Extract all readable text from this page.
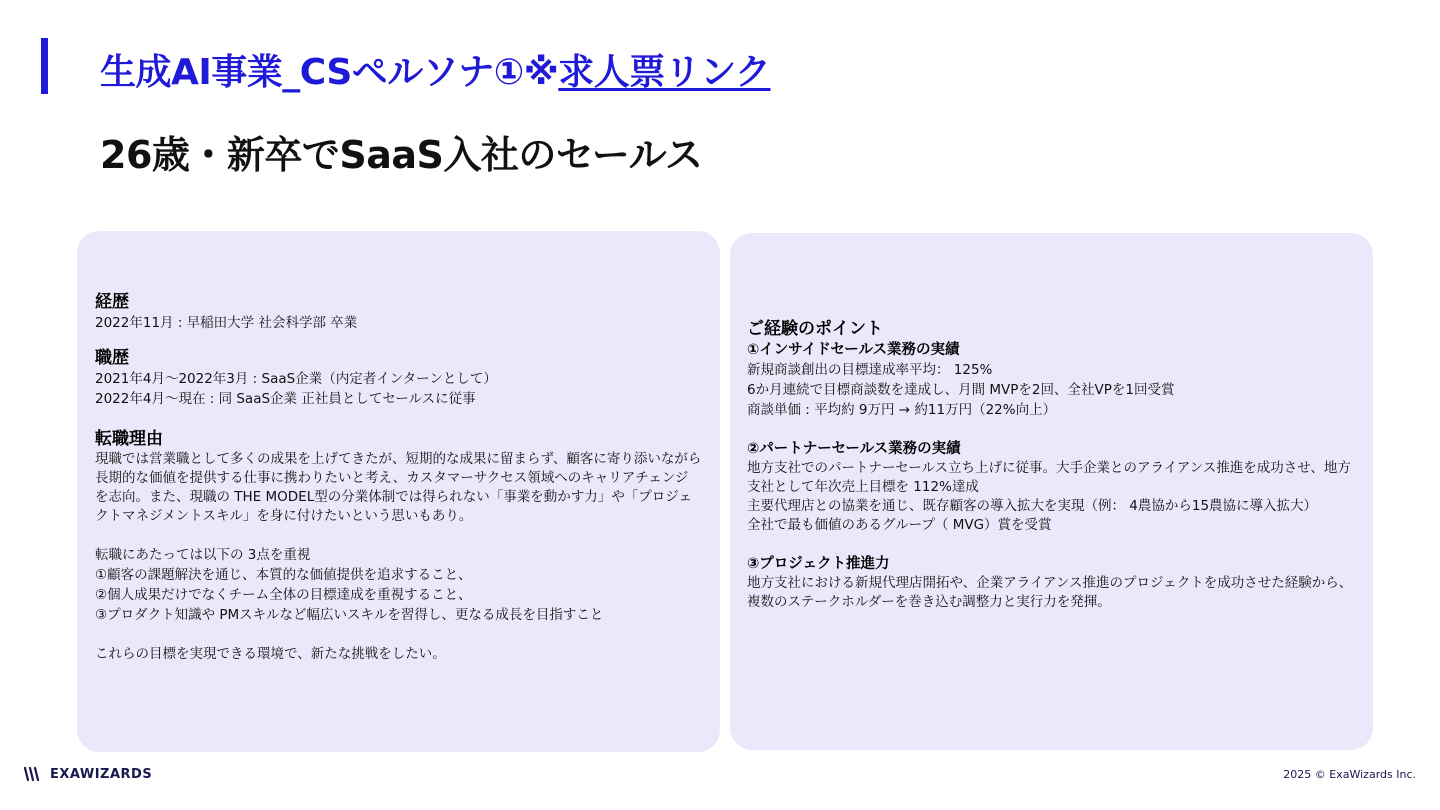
生成AI事業_CSペルソナ①※求人票リンク
26歳・新卒でSaaS入社のセールス

経歴

2022年11月 : 早稲田大学 社会科学部 卒業

職歴

2021年4月〜2022年3月 : SaaS企業（内定者インターンとして）

2022年4月〜現在 : 同 SaaS企業 正社員としてセールスに従事

転職理由

現職では営業職として多くの成果を上げてきたが、短期的な成果に留まらず、顧客に寄り添いながら長期的な価値を提供する仕事に携わりたいと考え、カスタマーサクセス領域へのキャリアチェンジを志向。また、現職の THE MODEL型の分業体制では得られない「事業を動かす力」や「プロジェクトマネジメントスキル」を身に付けたいという思いもあり。

転職にあたっては以下の 3点を重視

①顧客の課題解決を通じ、本質的な価値提供を追求すること、

②個人成果だけでなくチーム全体の目標達成を重視すること、

③プロダクト知識や PMスキルなど幅広いスキルを習得し、更なる成長を目指すこと

これらの目標を実現できる環境で、新たな挑戦をしたい。

ご経験のポイント

①インサイドセールス業務の実績

新規商談創出の目標達成率平均： 125%

6か月連続で目標商談数を達成し、月間 MVPを2回、全社VPを1回受賞

商談単価 : 平均約 9万円 → 約11万円（22%向上）

②パートナーセールス業務の実績

地方支社でのパートナーセールス立ち上げに従事。大手企業とのアライアンス推進を成功させ、地方支社として年次売上目標を 112%達成

主要代理店との協業を通じ、既存顧客の導入拡大を実現（例： 4農協から15農協に導入拡大）

全社で最も価値のあるグループ（ MVG）賞を受賞

③プロジェクト推進力

地方支社における新規代理店開拓や、企業アライアンス推進のプロジェクトを成功させた経験から、複数のステークホルダーを巻き込む調整力と実行力を発揮。

EXAWIZARDS	2025 © ExaWizards Inc.
